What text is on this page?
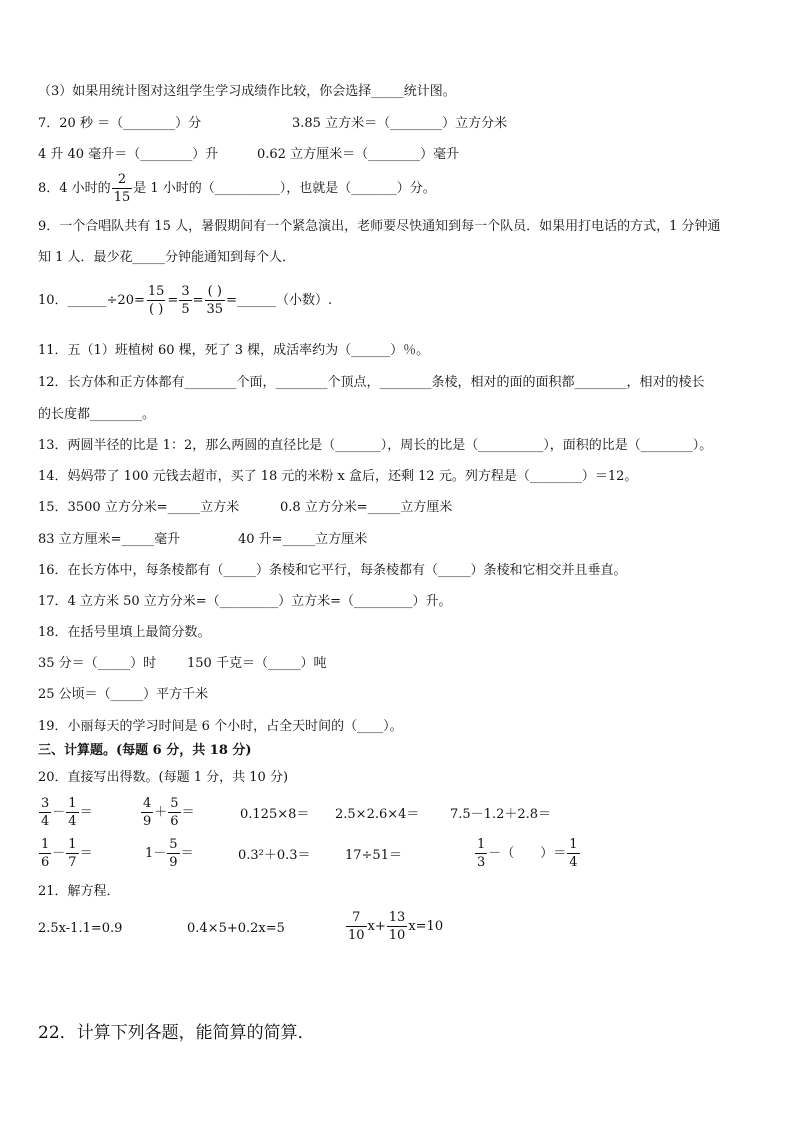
（3）如果用统计图对这组学生学习成绩作比较，你会选择_____统计图。
7．20 秒 ＝（________）分	3.85 立方米＝（________）立方分米
4 升 40 毫升＝（________）升	0.62 立方厘米＝（________）毫升
8．4 小时的 $\frac{2}{15}$ 是 1 小时的（__________），也就是（_______）分。
9．一个合唱队共有 15 人，暑假期间有一个紧急演出，老师要尽快通知到每一个队员．如果用打电话的方式，1 分钟通
知 1 人．最少花_____分钟能通知到每个人．
10．______÷20= $\frac{15}{( )} = \frac{3}{5} = \frac{( )}{35}$ =______（小数）.
11．五（1）班植树 60 棵，死了 3 棵，成活率约为（______）％。
12．长方体和正方体都有________个面，________个顶点，________条棱，相对的面的面积都________，相对的棱长
的长度都________。
13．两圆半径的比是 1：2，那么两圆的直径比是（_______），周长的比是（__________），面积的比是（________）。
14．妈妈带了 100 元钱去超市，买了 18 元的米粉 x 盒后，还剩 12 元。列方程是（________）＝12。
15．3500 立方分米=_____立方米	0.8 立方分米=_____立方厘米
83 立方厘米=_____毫升	40 升=_____立方厘米
16．在长方体中，每条棱都有（_____）条棱和它平行，每条棱都有（_____）条棱和它相交并且垂直。
17．4 立方米 50 立方分米=（_________）立方米=（_________）升。
18．在括号里填上最简分数。
35 分＝（_____）时 150 千克＝（_____）吨
25 公顷＝（_____）平方千米
19．小丽每天的学习时间是 6 个小时，占全天时间的（____）。
三、计算题。(每题 6 分，共 18 分)
20．直接写出得数。(每题 1 分，共 10 分)
$\frac{3}{4} - \frac{1}{4}$ ＝	$\frac{4}{9} + \frac{5}{6}$ ＝	0.125×8＝ 2.5×2.6×4＝ 7.5－1.2＋2.8＝
$\frac{1}{6} - \frac{1}{7}$ ＝	$1- \frac{5}{9}$ ＝	0.3²＋0.3＝	17÷51＝	$\frac{1}{3}$ －（　　）＝ $\frac{1}{4}$
21．解方程．
2.5x-1.1=0.9	0.4×5+0.2x=5	$\frac{7}{10} x+ \frac{13}{10} x=10$
22．计算下列各题，能简算的简算．
